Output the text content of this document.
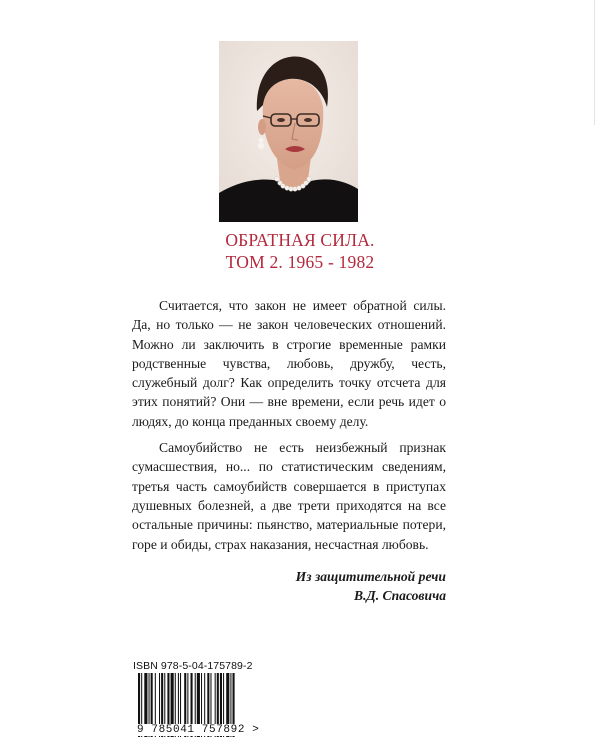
ОБРАТНАЯ СИЛА.
ТОМ 2. 1965 - 1982

Считается, что закон не имеет обратной силы. Да, но только — не закон человеческих отношений. Можно ли заключить в строгие временные рамки родственные чувства, любовь, дружбу, честь, служебный долг? Как определить точку отсчета для этих понятий? Они — вне времени, если речь идет о людях, до конца преданных своему делу.

Самоубийство не есть неизбежный признак сумасшествия, но... по статистическим сведениям, третья часть самоубийств совершается в приступах душевных болезней, а две трети приходятся на все остальные причины: пьянство, материальные потери, горе и обиды, страх наказания, несчастная любовь.

Из защитительной речи
В.Д. Спасовича
ISBN 978-5-04-175789-2
9 785041 757892 >
